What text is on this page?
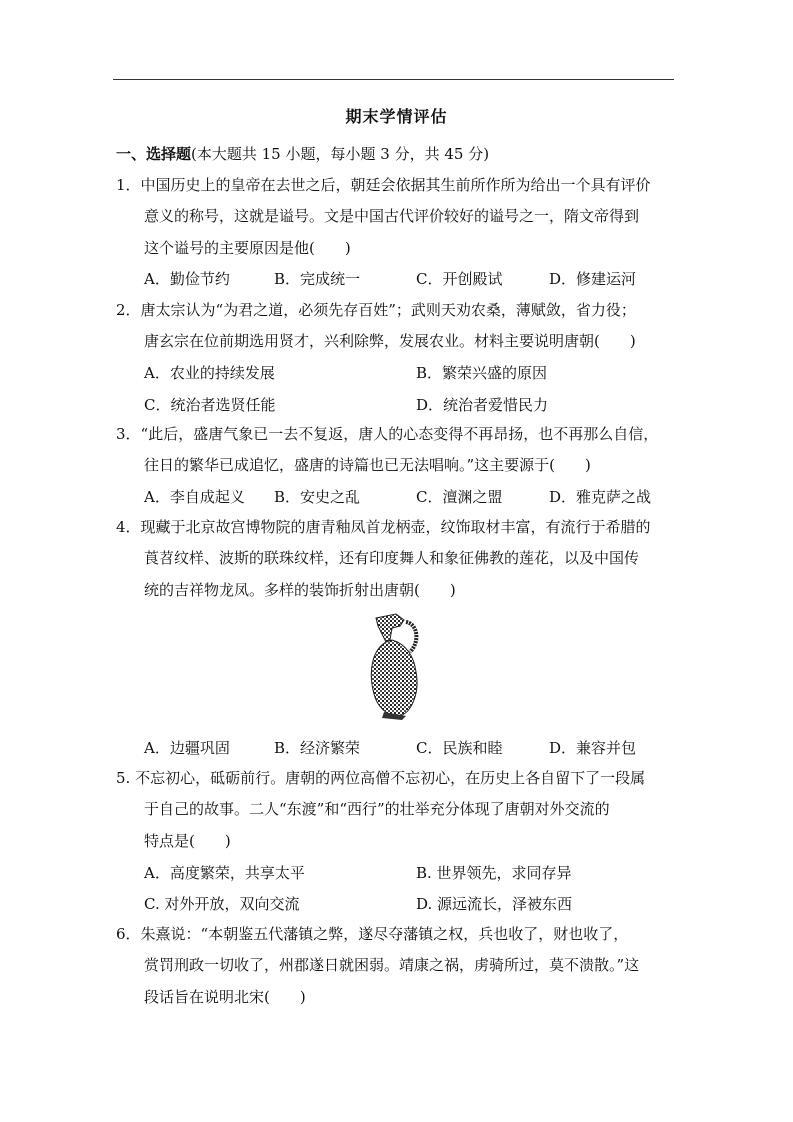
期末学情评估
一、选择题(本大题共 15 小题，每小题 3 分，共 45 分)
1．中国历史上的皇帝在去世之后，朝廷会依据其生前所作所为给出一个具有评价
意义的称号，这就是谥号。文是中国古代评价较好的谥号之一，隋文帝得到
这个谥号的主要原因是他(　　)
A．勤俭节约	B．完成统一	C．开创殿试	D．修建运河
2．唐太宗认为“为君之道，必须先存百姓”；武则天劝农桑，薄赋敛，省力役；
唐玄宗在位前期选用贤才，兴利除弊，发展农业。材料主要说明唐朝(　　)
A．农业的持续发展	B．繁荣兴盛的原因
C．统治者选贤任能	D．统治者爱惜民力
3．“此后，盛唐气象已一去不复返，唐人的心态变得不再昂扬，也不再那么自信，
往日的繁华已成追忆，盛唐的诗篇也已无法唱响。”这主要源于(　　)
A．李自成起义 B．安史之乱	C．澶渊之盟	D．雅克萨之战
4．现藏于北京故宫博物院的唐青釉凤首龙柄壶，纹饰取材丰富，有流行于希腊的
莨苕纹样、波斯的联珠纹样，还有印度舞人和象征佛教的莲花，以及中国传
统的吉祥物龙凤。多样的装饰折射出唐朝(　　)
A．边疆巩固	B．经济繁荣	C．民族和睦	D．兼容并包
5. 不忘初心，砥砺前行。唐朝的两位高僧不忘初心，在历史上各自留下了一段属
于自己的故事。二人“东渡”和“西行”的壮举充分体现了唐朝对外交流的
特点是(　　)
A．高度繁荣，共享太平	B. 世界领先，求同存异
C. 对外开放，双向交流	D. 源远流长，泽被东西
6．朱熹说：“本朝鉴五代藩镇之弊，遂尽夺藩镇之权，兵也收了，财也收了，
赏罚刑政一切收了，州郡遂日就困弱。靖康之祸，虏骑所过，莫不溃散。”这
段话旨在说明北宋(　　)
